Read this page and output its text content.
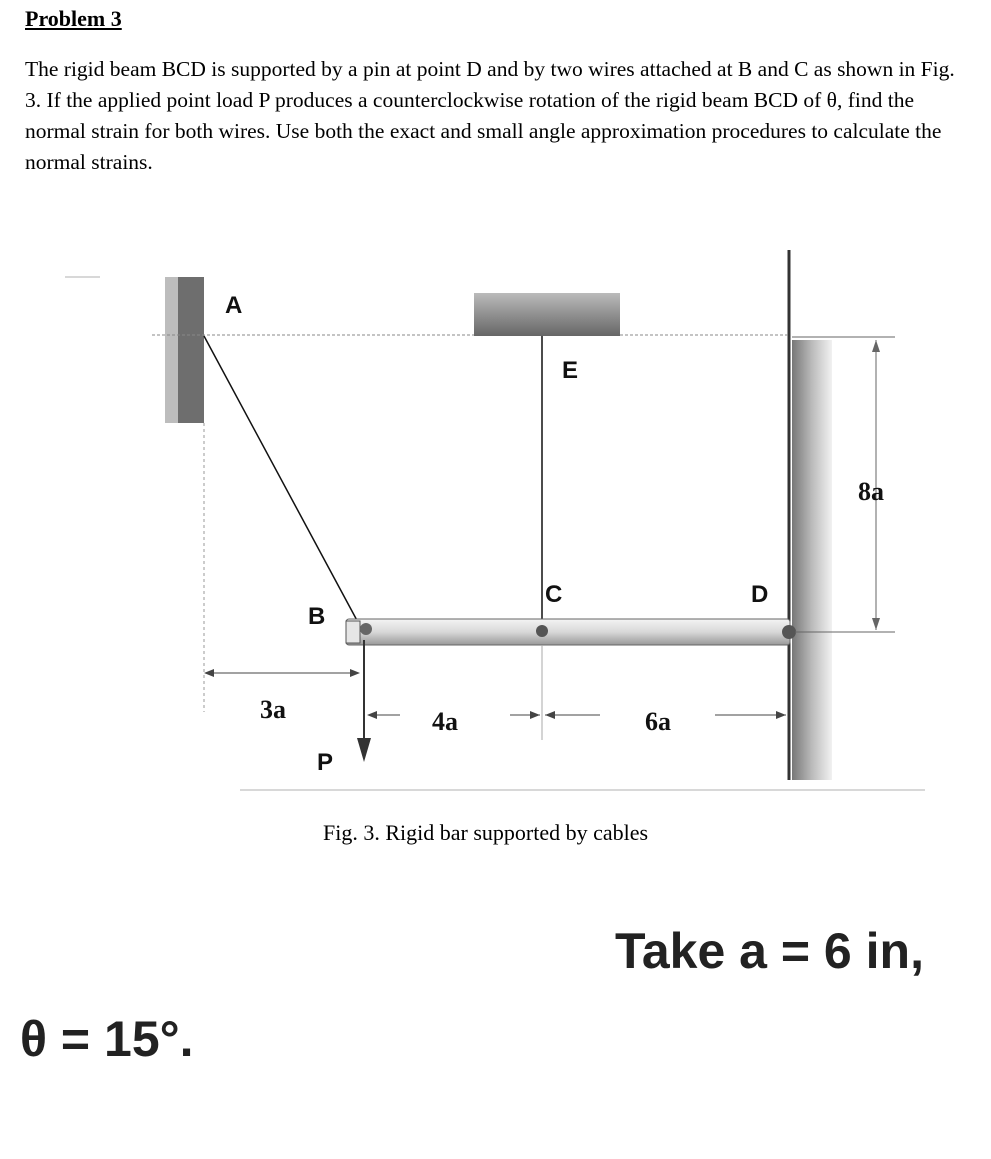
Problem 3
The rigid beam BCD is supported by a pin at point D and by two wires attached at B and C as shown in Fig. 3. If the applied point load P produces a counterclockwise rotation of the rigid beam BCD of θ, find the normal strain for both wires. Use both the exact and small angle approximation procedures to calculate the normal strains.
A
E
C	D
B
P
3a	4a	6a
8a
Fig. 3. Rigid bar supported by cables
Take a = 6 in,
θ = 15°.
